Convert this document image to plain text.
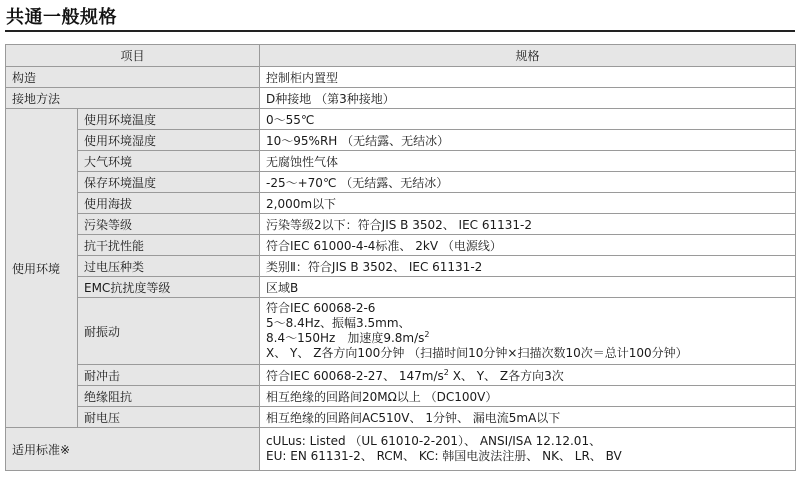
共通一般规格
项目		规格
构造		控制柜内置型
接地方法		D种接地 （第3种接地）
使用环境	使用环境温度	0～55℃
	使用环境湿度	10～95%RH （无结露、无结冰）
	大气环境	无腐蚀性气体
	保存环境温度	-25～+70℃ （无结露、无结冰）
	使用海拔	2,000m以下
	污染等级	污染等级2以下：符合JIS B 3502、 IEC 61131-2
	抗干扰性能	符合IEC 61000-4-4标准、 2kV （电源线）
	过电压种类	类别Ⅱ：符合JIS B 3502、 IEC 61131-2
	EMC抗扰度等级	区域B
	耐振动	符合IEC 60068-2-6
5～8.4Hz、振幅3.5mm、
8.4～150Hz　加速度$9.8m/s^2$
X、 Y、 Z各方向100分钟 （扫描时间10分钟×扫描次数10次＝总计100分钟）

	耐冲击	符合IEC 60068-2-27、 $147m/s^2$ X、 Y、 Z各方向3次
	绝缘阻抗	相互绝缘的回路间20MΩ以上 （DC100V）
	耐电压	相互绝缘的回路间AC510V、 1分钟、 漏电流5mA以下
适用标准※		cULus: Listed （UL 61010-2-201）、 ANSI/ISA 12.12.01、
EU: EN 61131-2、 RCM、 KC: 韩国电波法注册、 NK、 LR、 BV
